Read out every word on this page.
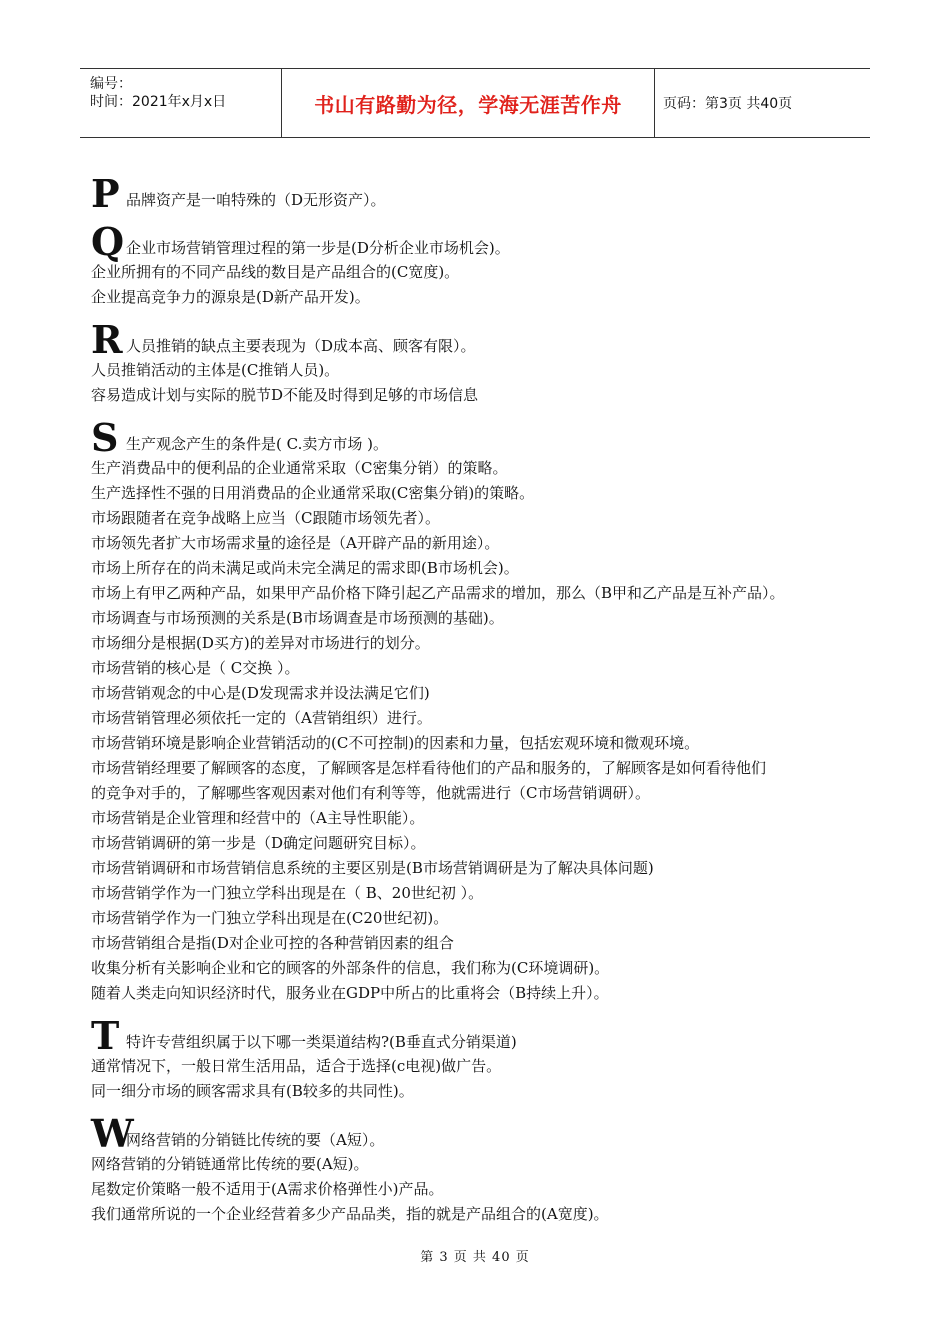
编号：
时间：2021年x月x日	书山有路勤为径，学海无涯苦作舟	页码：第3页 共40页
P 品牌资产是一咱特殊的（D无形资产）。
Q 企业市场营销管理过程的第一步是(D分析企业市场机会)。
企业所拥有的不同产品线的数目是产品组合的(C宽度)。
企业提高竞争力的源泉是(D新产品开发)。
R 人员推销的缺点主要表现为（D成本高、顾客有限）。
人员推销活动的主体是(C推销人员)。
容易造成计划与实际的脱节D不能及时得到足够的市场信息
S 生产观念产生的条件是( C.卖方市场 )。
生产消费品中的便利品的企业通常采取（C密集分销）的策略。
生产选择性不强的日用消费品的企业通常采取(C密集分销)的策略。
市场跟随者在竞争战略上应当（C跟随市场领先者）。
市场领先者扩大市场需求量的途径是（A开辟产品的新用途）。
市场上所存在的尚未满足或尚未完全满足的需求即(B市场机会)。
市场上有甲乙两种产品，如果甲产品价格下降引起乙产品需求的增加，那么（B甲和乙产品是互补产品）。
市场调查与市场预测的关系是(B市场调查是市场预测的基础)。
市场细分是根据(D买方)的差异对市场进行的划分。
市场营销的核心是（ C交换 ）。
市场营销观念的中心是(D发现需求并设法满足它们)
市场营销管理必须依托一定的（A营销组织）进行。
市场营销环境是影响企业营销活动的(C不可控制)的因素和力量，包括宏观环境和微观环境。
市场营销经理要了解顾客的态度，了解顾客是怎样看待他们的产品和服务的，了解顾客是如何看待他们
的竞争对手的，了解哪些客观因素对他们有利等等，他就需进行（C市场营销调研）。
市场营销是企业管理和经营中的（A主导性职能）。
市场营销调研的第一步是（D确定问题研究目标）。
市场营销调研和市场营销信息系统的主要区别是(B市场营销调研是为了解决具体问题)
市场营销学作为一门独立学科出现是在（ B、20世纪初 ）。
市场营销学作为一门独立学科出现是在(C20世纪初)。
市场营销组合是指(D对企业可控的各种营销因素的组合
收集分析有关影响企业和它的顾客的外部条件的信息，我们称为(C环境调研)。
随着人类走向知识经济时代，服务业在GDP中所占的比重将会（B持续上升）。
T 特许专营组织属于以下哪一类渠道结构?(B垂直式分销渠道)
通常情况下，一般日常生活用品，适合于选择(c电视)做广告。
同一细分市场的顾客需求具有(B较多的共同性)。
W
网络营销的分销链比传统的要（A短）。
网络营销的分销链通常比传统的要(A短)。
尾数定价策略一般不适用于(A需求价格弹性小)产品。
我们通常所说的一个企业经营着多少产品品类，指的就是产品组合的(A宽度)。
第 3 页 共 40 页
